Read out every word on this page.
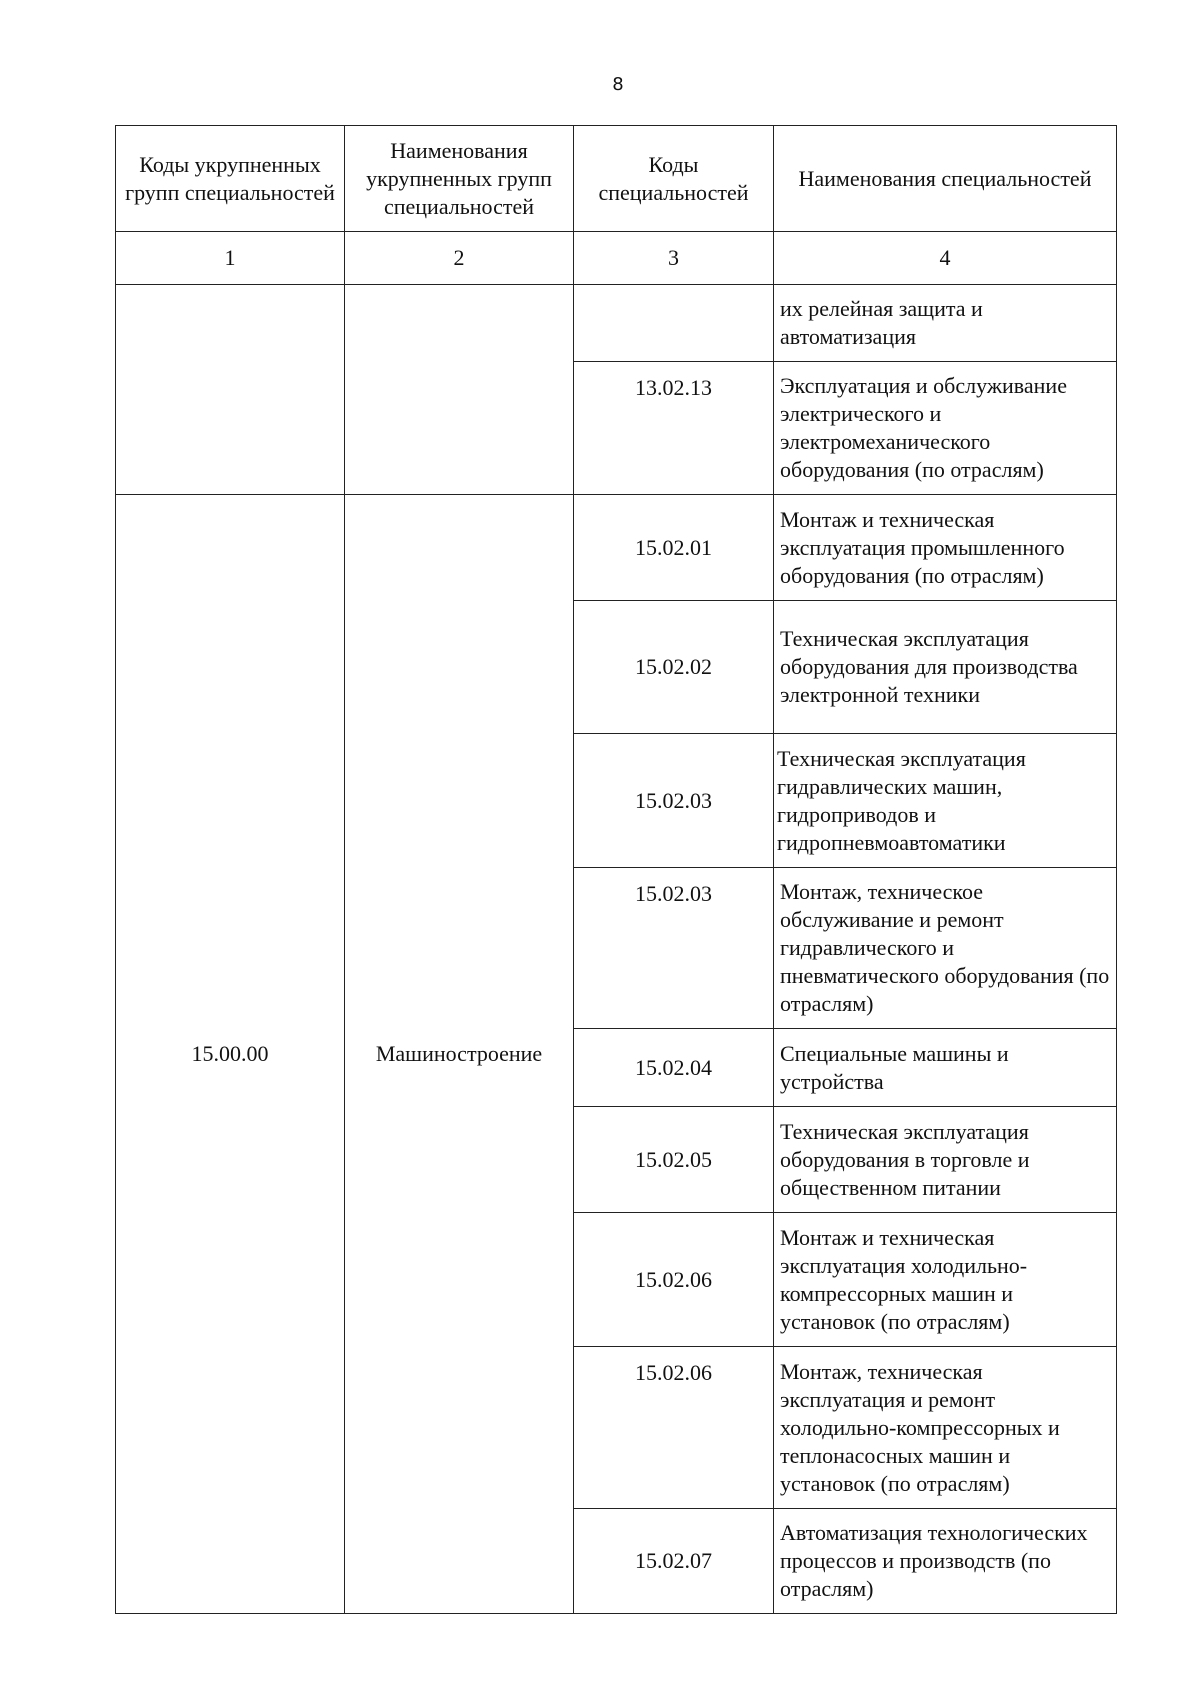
8
Коды укрупненных групп специальностей	Наименования укрупненных групп специальностей	Коды специальностей	Наименования специальностей
1	2	3	4
			их релейная защита и автоматизация
		13.02.13	Эксплуатация и обслуживание электрического и электромеханического оборудования (по отраслям)
15.00.00	Машиностроение	15.02.01	Монтаж и техническая эксплуатация промышленного оборудования (по отраслям)
		15.02.02	Техническая эксплуатация оборудования для производства электронной техники
		15.02.03	Техническая эксплуатация гидравлических машин, гидроприводов и гидропневмоавтоматики
		15.02.03	Монтаж, техническое обслуживание и ремонт гидравлического и пневматического оборудования (по отраслям)
		15.02.04	Специальные машины и устройства
		15.02.05	Техническая эксплуатация оборудования в торговле и общественном питании
		15.02.06	Монтаж и техническая эксплуатация холодильно-компрессорных машин и установок (по отраслям)
		15.02.06	Монтаж, техническая эксплуатация и ремонт холодильно-компрессорных и теплонасосных машин и установок (по отраслям)
		15.02.07	Автоматизация технологических процессов и производств (по отраслям)
